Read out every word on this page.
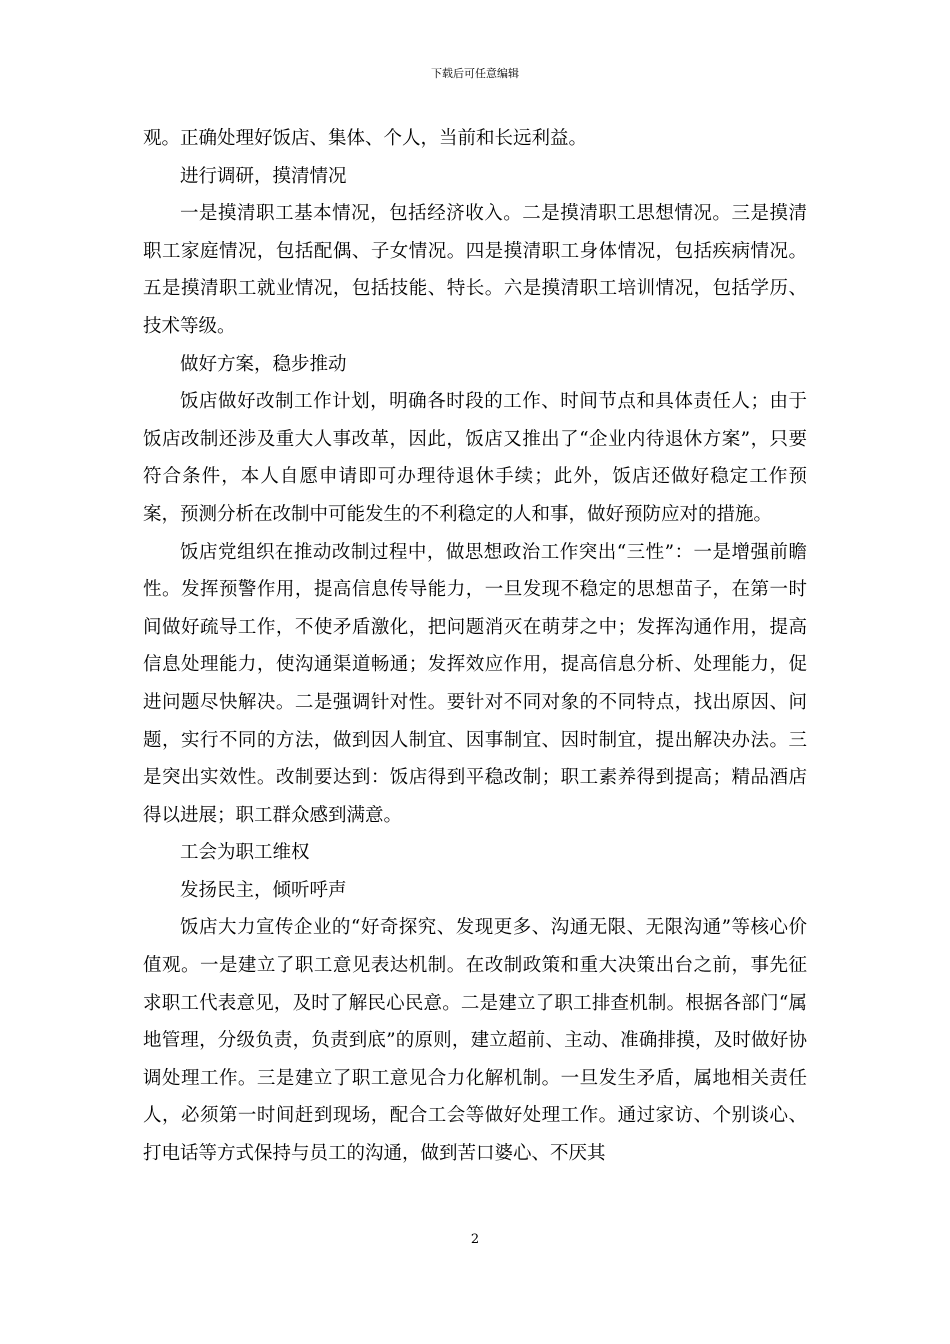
下载后可任意编辑

观。正确处理好饭店、集体、个人，当前和长远利益。

进行调研，摸清情况

一是摸清职工基本情况，包括经济收入。二是摸清职工思想情况。三是摸清职工家庭情况，包括配偶、子女情况。四是摸清职工身体情况，包括疾病情况。五是摸清职工就业情况，包括技能、特长。六是摸清职工培训情况，包括学历、技术等级。

做好方案，稳步推动

饭店做好改制工作计划，明确各时段的工作、时间节点和具体责任人；由于饭店改制还涉及重大人事改革，因此，饭店又推出了“企业内待退休方案”，只要符合条件，本人自愿申请即可办理待退休手续；此外，饭店还做好稳定工作预案，预测分析在改制中可能发生的不利稳定的人和事，做好预防应对的措施。

饭店党组织在推动改制过程中，做思想政治工作突出“三性”：一是增强前瞻性。发挥预警作用，提高信息传导能力，一旦发现不稳定的思想苗子，在第一时间做好疏导工作，不使矛盾激化，把问题消灭在萌芽之中；发挥沟通作用，提高信息处理能力，使沟通渠道畅通；发挥效应作用，提高信息分析、处理能力，促进问题尽快解决。二是强调针对性。要针对不同对象的不同特点，找出原因、问题，实行不同的方法，做到因人制宜、因事制宜、因时制宜，提出解决办法。三是突出实效性。改制要达到：饭店得到平稳改制；职工素养得到提高；精品酒店得以进展；职工群众感到满意。

工会为职工维权

发扬民主，倾听呼声

饭店大力宣传企业的“好奇探究、发现更多、沟通无限、无限沟通”等核心价值观。一是建立了职工意见表达机制。在改制政策和重大决策出台之前，事先征求职工代表意见，及时了解民心民意。二是建立了职工排查机制。根据各部门“属地管理，分级负责，负责到底”的原则，建立超前、主动、准确排摸，及时做好协调处理工作。三是建立了职工意见合力化解机制。一旦发生矛盾，属地相关责任人，必须第一时间赶到现场，配合工会等做好处理工作。通过家访、个别谈心、打电话等方式保持与员工的沟通，做到苦口婆心、不厌其

2
